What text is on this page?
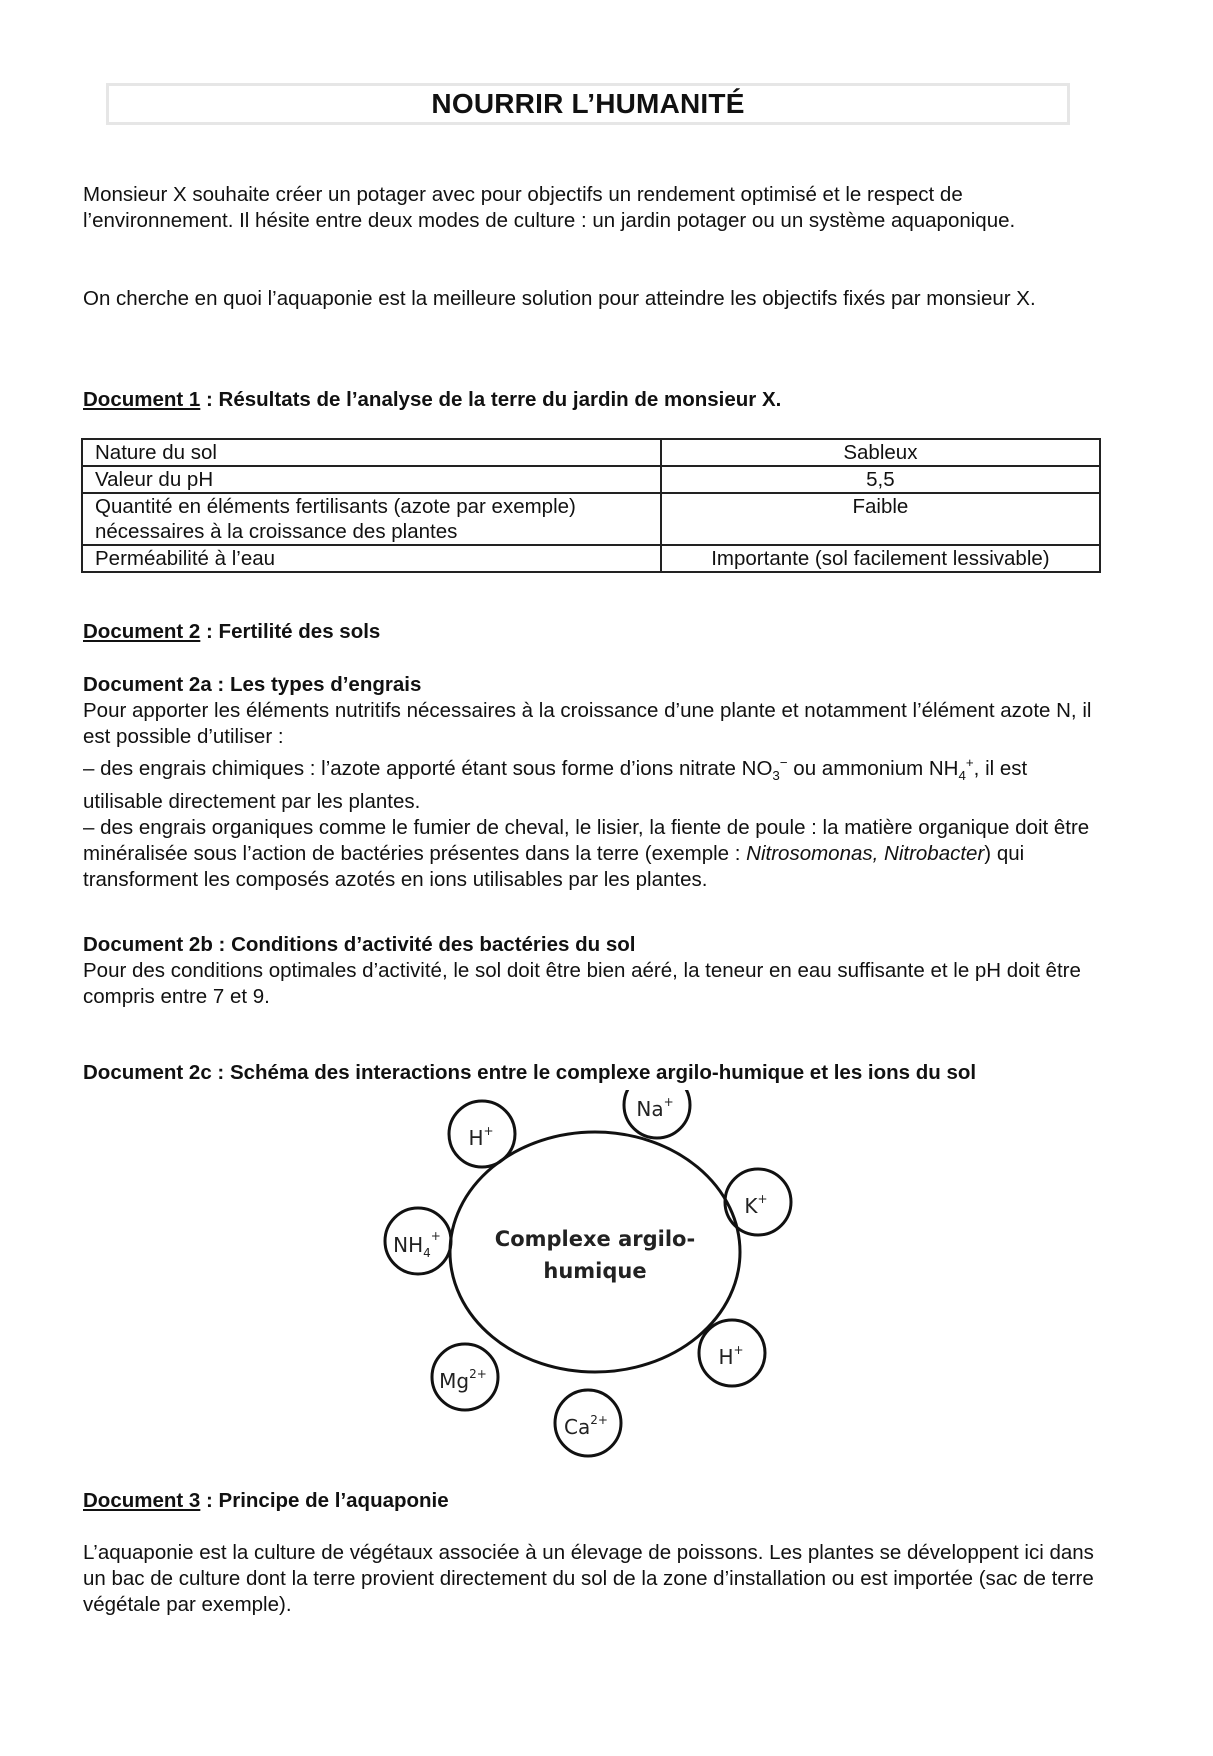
NOURRIR L’HUMANITÉ
Monsieur X souhaite créer un potager avec pour objectifs un rendement optimisé et le respect de l’environnement. Il hésite entre deux modes de culture : un jardin potager ou un système aquaponique.
On cherche en quoi l’aquaponie est la meilleure solution pour atteindre les objectifs fixés par monsieur X.
Document 1 : Résultats de l’analyse de la terre du jardin de monsieur X.
Nature du sol	Sableux
Valeur du pH	5,5
Quantité en éléments fertilisants (azote par exemple) nécessaires à la croissance des plantes	Faible
Perméabilité à l’eau	Importante (sol facilement lessivable)
Document 2 : Fertilité des sols
Document 2a : Les types d’engrais
Pour apporter les éléments nutritifs nécessaires à la croissance d’une plante et notamment l’élément azote N, il est possible d’utiliser :
– des engrais chimiques : l’azote apporté étant sous forme d’ions nitrate $NO_3^-$ ou ammonium $NH_4^+$, il est utilisable directement par les plantes.
– des engrais organiques comme le fumier de cheval, le lisier, la fiente de poule : la matière organique doit être minéralisée sous l’action de bactéries présentes dans la terre (exemple : Nitrosomonas, Nitrobacter) qui transforment les composés azotés en ions utilisables par les plantes.
Document 2b : Conditions d’activité des bactéries du sol
Pour des conditions optimales d’activité, le sol doit être bien aéré, la teneur en eau suffisante et le pH doit être compris entre 7 et 9.
Document 2c : Schéma des interactions entre le complexe argilo-humique et les ions du sol
Complexe argilo-
humique
H+
Na+
K+
$NH_4^+$
$Mg^{2+}$
$Ca^{2+}$
H+
Document 3 : Principe de l’aquaponie
L’aquaponie est la culture de végétaux associée à un élevage de poissons. Les plantes se développent ici dans un bac de culture dont la terre provient directement du sol de la zone d’installation ou est importée (sac de terre végétale par exemple).
